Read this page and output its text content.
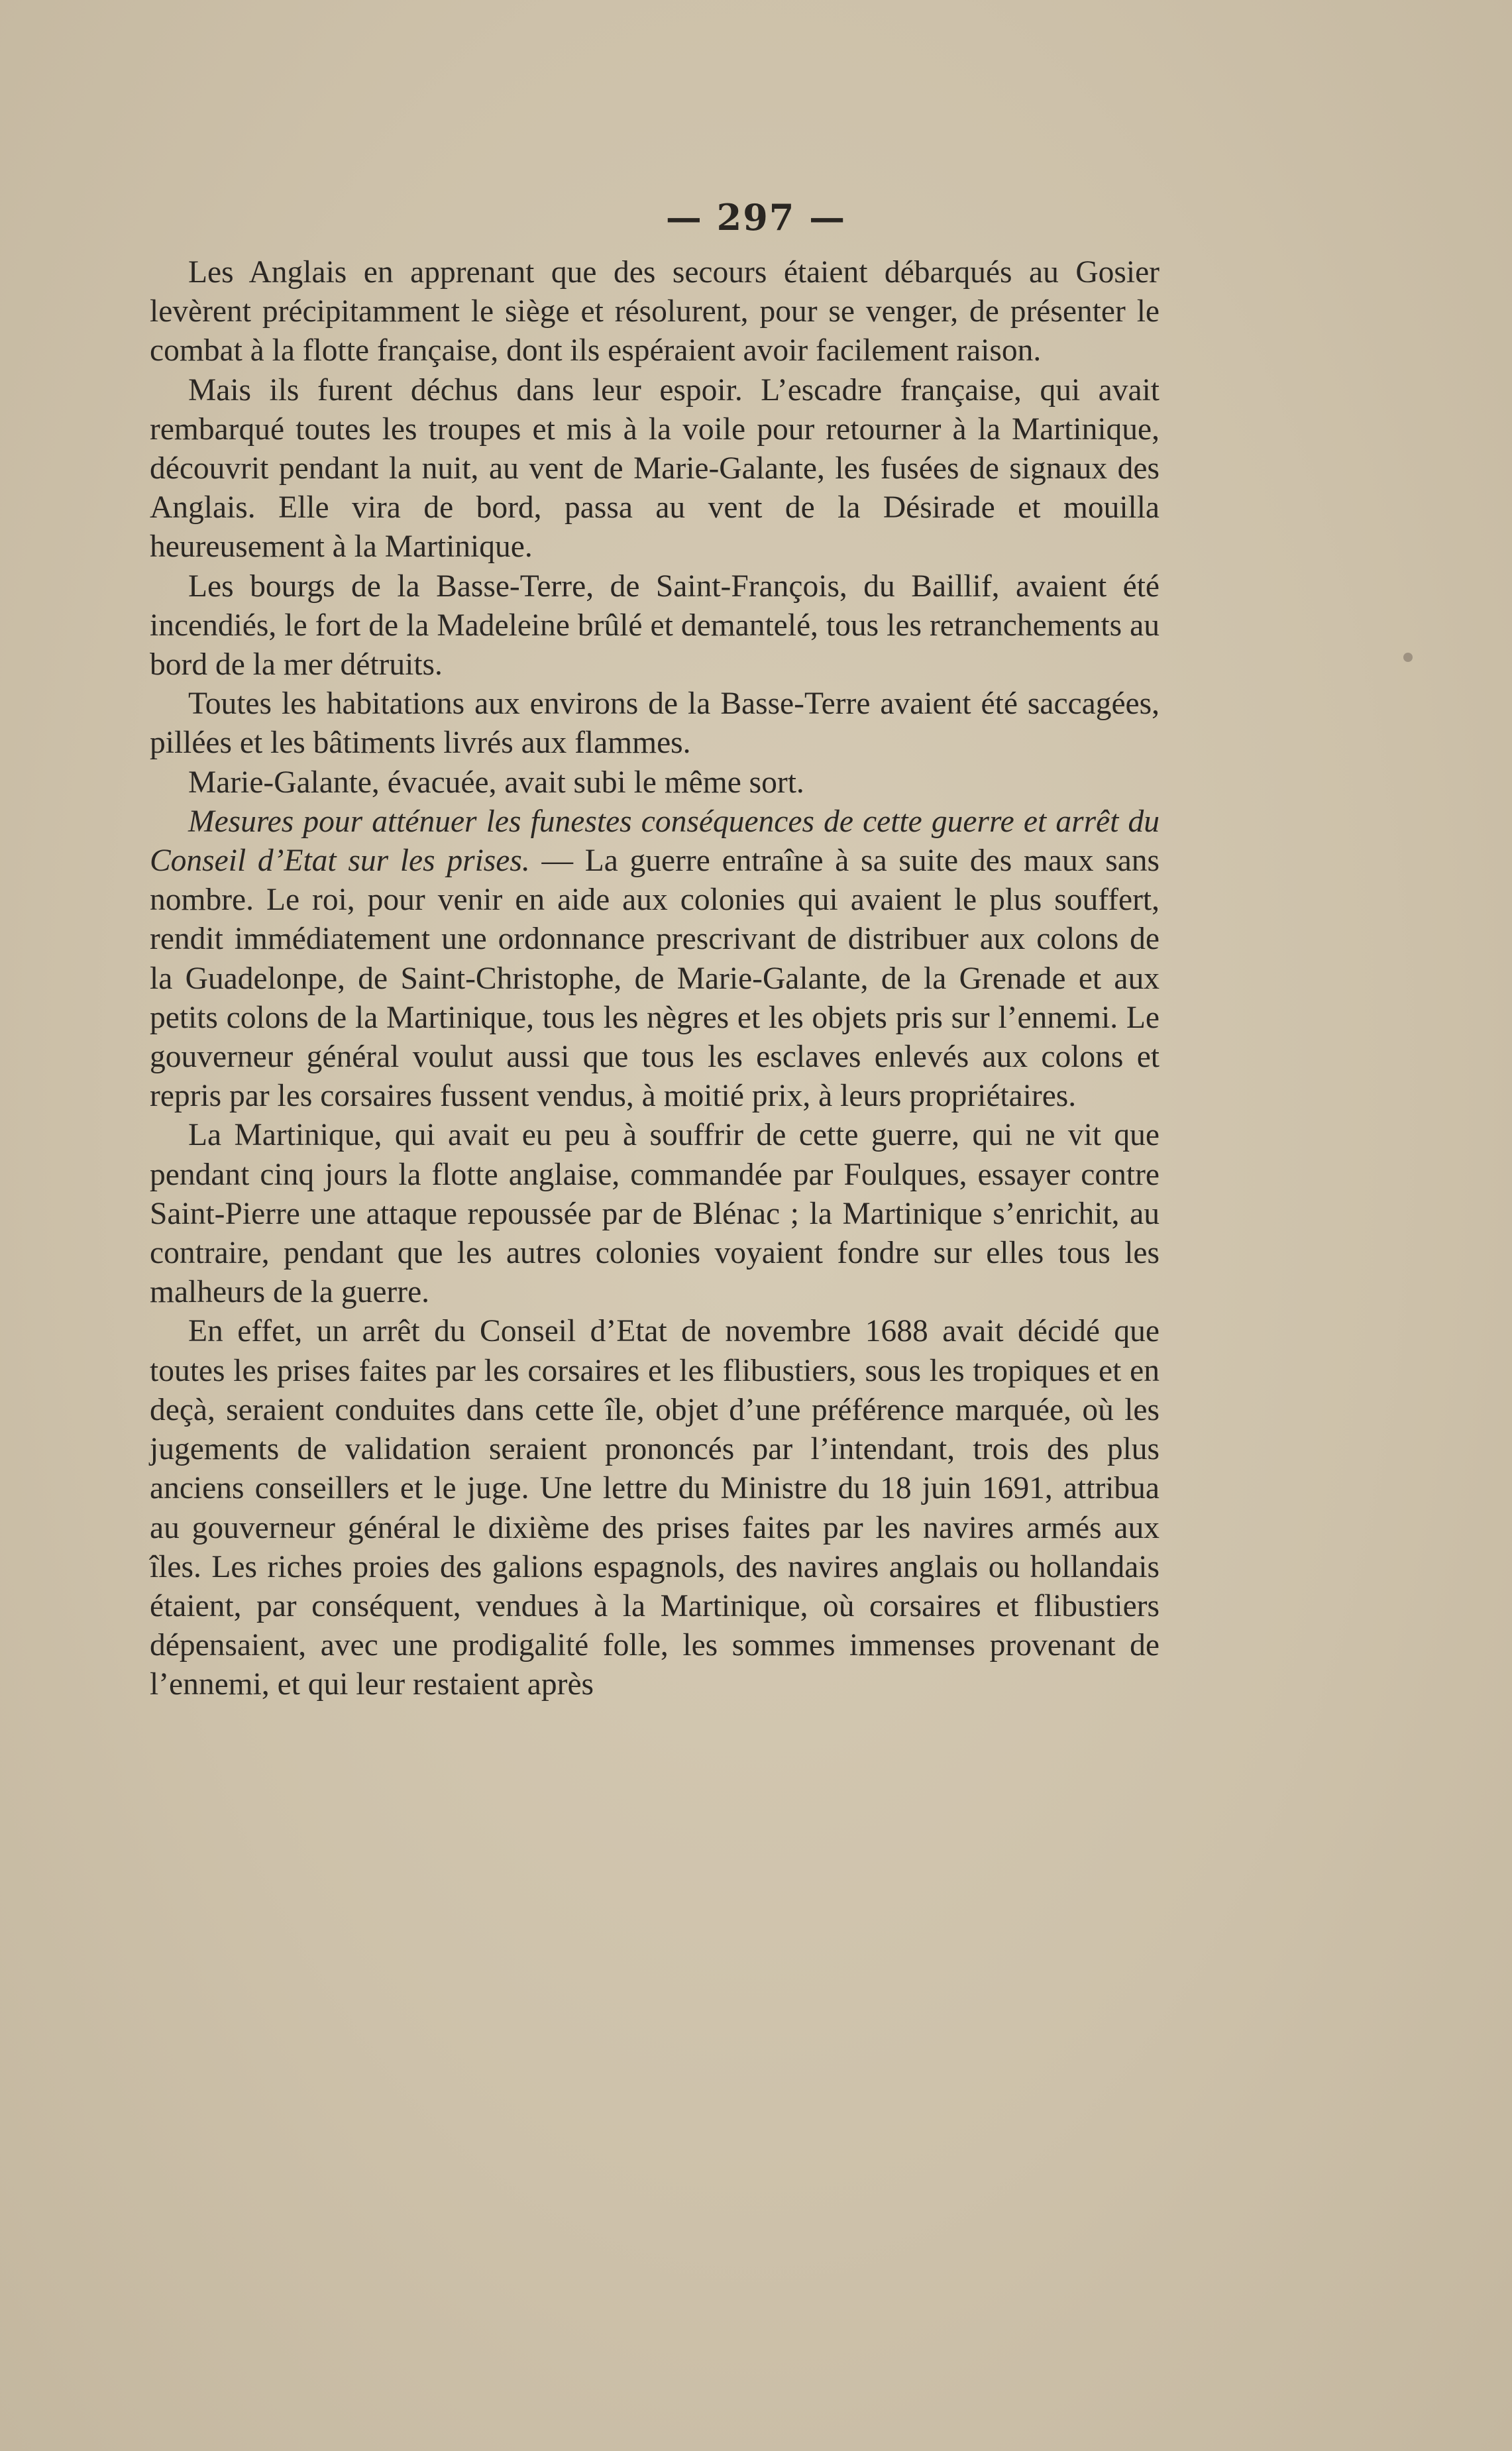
— 297 —

Les Anglais en apprenant que des secours étaient débarqués au Gosier levèrent précipitamment le siège et résolurent, pour se venger, de présenter le combat à la flotte française, dont ils espéraient avoir facilement raison.

Mais ils furent déchus dans leur espoir. L’escadre française, qui avait rembarqué toutes les troupes et mis à la voile pour retourner à la Martinique, découvrit pendant la nuit, au vent de Marie-Galante, les fusées de signaux des Anglais. Elle vira de bord, passa au vent de la Désirade et mouilla heureusement à la Martinique.

Les bourgs de la Basse-Terre, de Saint-François, du Baillif, avaient été incendiés, le fort de la Madeleine brûlé et demantelé, tous les retranchements au bord de la mer détruits.

Toutes les habitations aux environs de la Basse-Terre avaient été saccagées, pillées et les bâtiments livrés aux flammes.

Marie-Galante, évacuée, avait subi le même sort.

Mesures pour atténuer les funestes conséquences de cette guerre et arrêt du Conseil d’Etat sur les prises. — La guerre entraîne à sa suite des maux sans nombre. Le roi, pour venir en aide aux colonies qui avaient le plus souffert, rendit immédiatement une ordonnance prescrivant de distribuer aux colons de la Guadelonpe, de Saint-Christophe, de Marie-Galante, de la Grenade et aux petits colons de la Martinique, tous les nègres et les objets pris sur l’ennemi. Le gouverneur général voulut aussi que tous les esclaves enlevés aux colons et repris par les corsaires fussent vendus, à moitié prix, à leurs propriétaires.

La Martinique, qui avait eu peu à souffrir de cette guerre, qui ne vit que pendant cinq jours la flotte anglaise, commandée par Foulques, essayer contre Saint-Pierre une attaque repoussée par de Blénac ; la Martinique s’enrichit, au contraire, pendant que les autres colonies voyaient fondre sur elles tous les malheurs de la guerre.

En effet, un arrêt du Conseil d’Etat de novembre 1688 avait décidé que toutes les prises faites par les corsaires et les flibustiers, sous les tropiques et en deçà, seraient conduites dans cette île, objet d’une préférence marquée, où les jugements de validation seraient prononcés par l’intendant, trois des plus anciens conseillers et le juge. Une lettre du Ministre du 18 juin 1691, attribua au gouverneur général le dixième des prises faites par les navires armés aux îles. Les riches proies des galions espagnols, des navires anglais ou hollandais étaient, par conséquent, vendues à la Martinique, où corsaires et flibustiers dépensaient, avec une prodigalité folle, les sommes immenses provenant de l’ennemi, et qui leur restaient après
